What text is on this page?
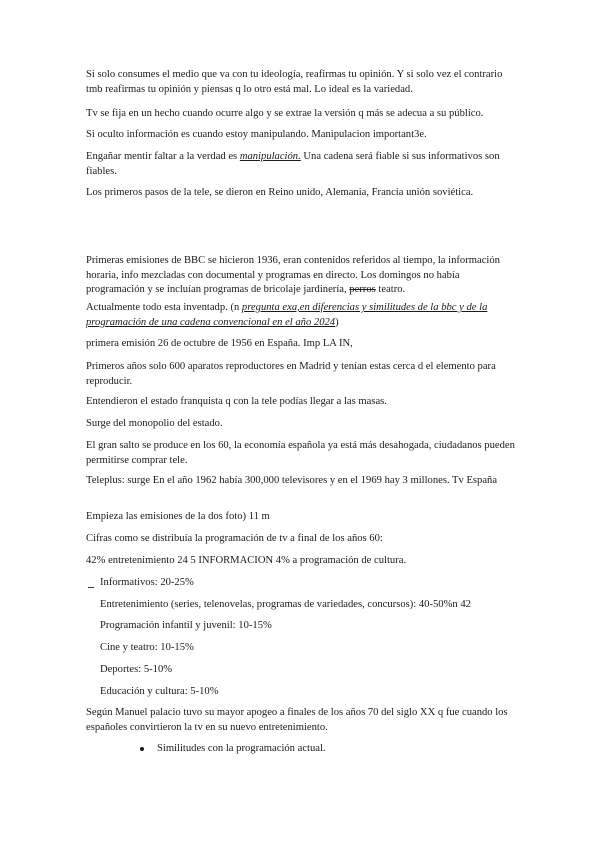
Si solo consumes el medio que va con tu ideología, reafirmas tu opinión. Y si solo vez el contrario tmb reafirmas tu opinión y piensas q lo otro está mal. Lo ideal es la variedad.

Tv se fija en un hecho cuando ocurre algo y se extrae la versión q más se adecua a su público.

Si oculto información es cuando estoy manipulando. Manipulacion important3e.

Engañar mentir faltar a la verdad es manipulación. Una cadena será fiable si sus informativos son fiables.

Los primeros pasos de la tele, se dieron en Reino unido, Alemania, Francia unión soviética.

Primeras emisiones de BBC se hicieron 1936, eran contenidos referidos al tiempo, la información horaria, info mezcladas con documental y programas en directo. Los domingos no había programación y se incluían programas de bricolaje jardinería, perros teatro.

Actualmente todo esta inventadp. (n pregunta exa,en diferencias y similitudes de la bbc y de la programación de una cadena convencional en el año 2024)

primera emisión 26 de octubre de 1956 en España. Imp LA IN,

Primeros años solo 600 aparatos reproductores en Madrid y tenían estas cerca d el elemento para reproducir.

Entendieron el estado franquista q con la tele podías llegar a las masas.

Surge del monopolio del estado.

El gran salto se produce en los 60, la economía española ya está más desahogada, ciudadanos pueden permitirse comprar tele.

Teleplus: surge En el año 1962 había 300,000 televisores y en el 1969 hay 3 millones. Tv España

Empieza las emisiones de la dos foto) 11 m

Cifras como se distribuía la programación de tv a final de los años 60:

42% entretenimiento 24 5 INFORMACION 4% a programación de cultura.

Informativos: 20-25%

Entretenimiento (series, telenovelas, programas de variedades, concursos): 40-50%n 42

Programación infantil y juvenil: 10-15%

Cine y teatro: 10-15%

Deportes: 5-10%

Educación y cultura: 5-10%

Según Manuel palacio tuvo su mayor apogeo a finales de los años 70 del siglo XX q fue cuando los españoles convirtieron la tv en su nuevo entretenimiento.

Similitudes con la programación actual.
